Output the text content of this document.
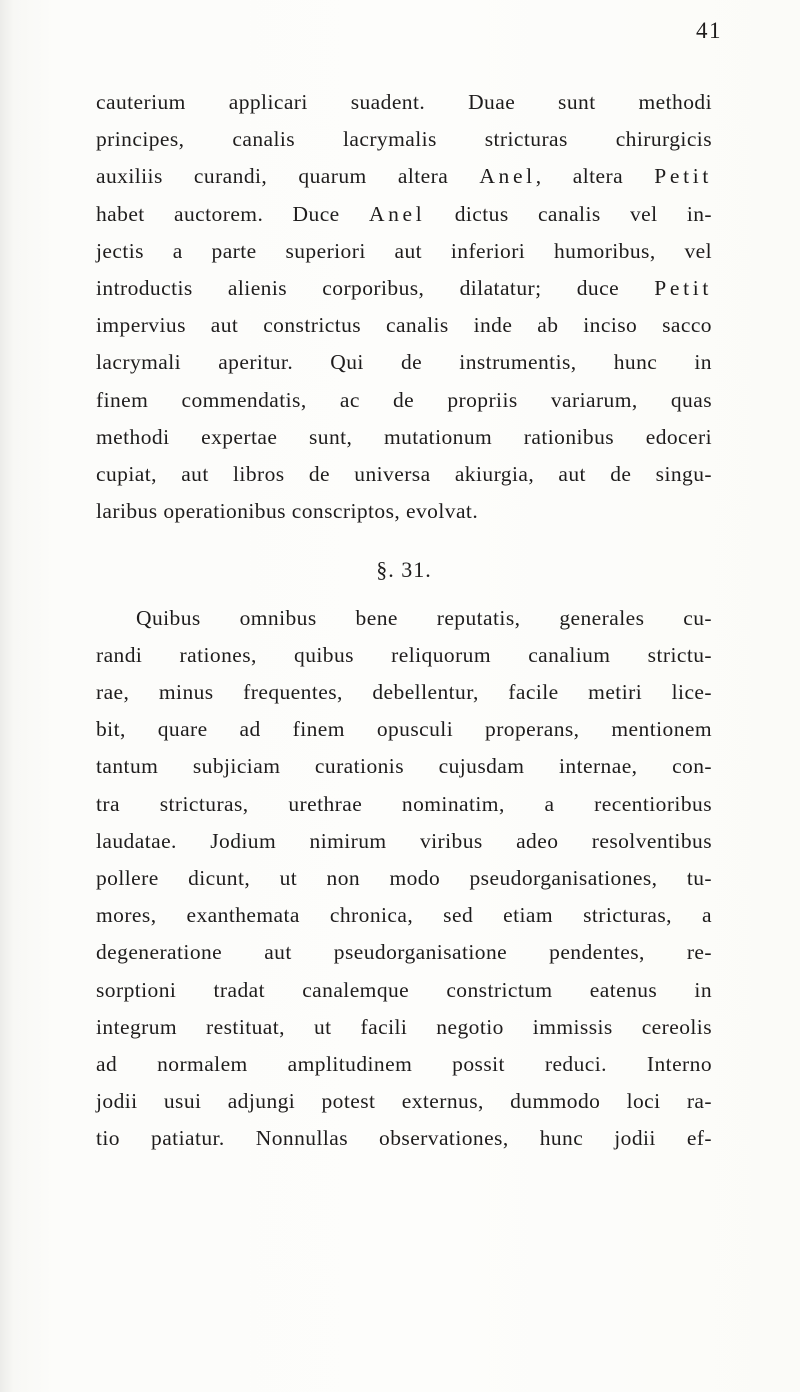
41
cauterium applicari suadent. Duae sunt methodi
principes, canalis lacrymalis stricturas chirurgicis
auxiliis curandi, quarum altera Anel, altera Petit
habet auctorem. Duce Anel dictus canalis vel in-
jectis a parte superiori aut inferiori humoribus, vel
introductis alienis corporibus, dilatatur; duce Petit
impervius aut constrictus canalis inde ab inciso sacco
lacrymali aperitur. Qui de instrumentis, hunc in
finem commendatis, ac de propriis variarum, quas
methodi expertae sunt, mutationum rationibus edoceri
cupiat, aut libros de universa akiurgia, aut de singu-
laribus operationibus conscriptos, evolvat.
§. 31.
Quibus omnibus bene reputatis, generales cu-
randi rationes, quibus reliquorum canalium strictu-
rae, minus frequentes, debellentur, facile metiri lice-
bit, quare ad finem opusculi properans, mentionem
tantum subjiciam curationis cujusdam internae, con-
tra stricturas, urethrae nominatim, a recentioribus
laudatae. Jodium nimirum viribus adeo resolventibus
pollere dicunt, ut non modo pseudorganisationes, tu-
mores, exanthemata chronica, sed etiam stricturas, a
degeneratione aut pseudorganisatione pendentes, re-
sorptioni tradat canalemque constrictum eatenus in
integrum restituat, ut facili negotio immissis cereolis
ad normalem amplitudinem possit reduci. Interno
jodii usui adjungi potest externus, dummodo loci ra-
tio patiatur. Nonnullas observationes, hunc jodii ef-
